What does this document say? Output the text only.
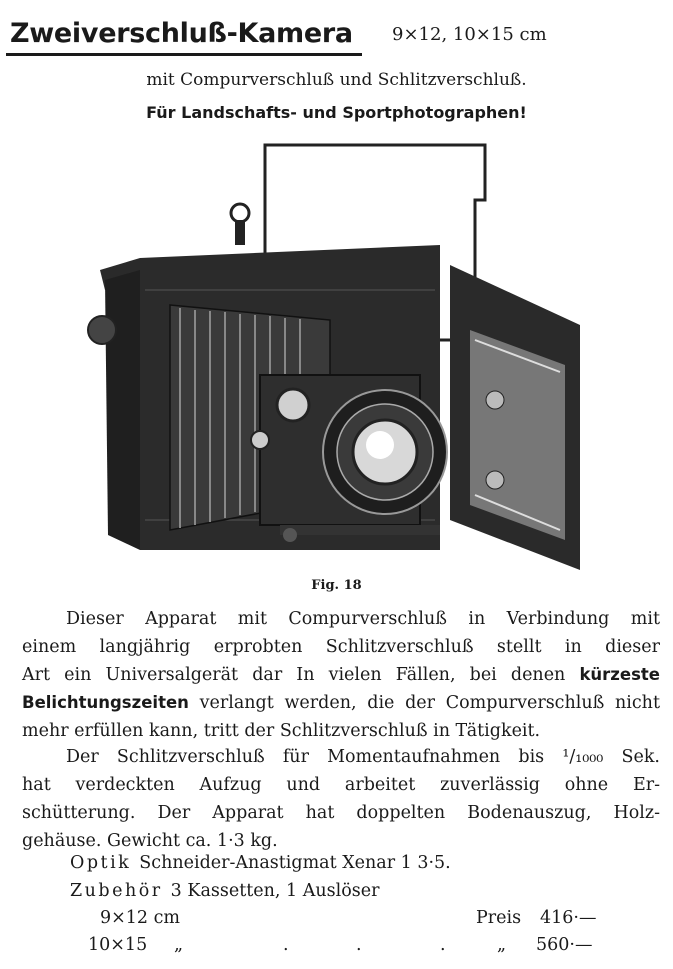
Zweiverschluß-Kamera 9×12, 10×15 cm
mit Compurverschluß und Schlitzverschluß.
Für Landschafts- und Sportphotographen!
Fig. 18
Dieser Apparat mit Compurverschluß in Verbindung mit
einem langjährig erprobten Schlitzverschluß stellt in dieser
Art ein Universalgerät dar In vielen Fällen, bei denen kürzeste
Belichtungszeiten verlangt werden, die der Compurverschluß nicht
mehr erfüllen kann, tritt der Schlitzverschluß in Tätigkeit.
Der Schlitzverschluß für Momentaufnahmen bis ¹/₁₀₀₀ Sek.
hat verdeckten Aufzug und arbeitet zuverlässig ohne Er-
schütterung. Der Apparat hat doppelten Bodenauszug, Holz-
gehäuse. Gewicht ca. 1·3 kg.
Optik Schneider-Anastigmat Xenar 1 3·5.
Zubehör 3 Kassetten, 1 Auslöser
9×12 cm	Preis 416·—
10×15 „	.	.	.	„ 560·—
